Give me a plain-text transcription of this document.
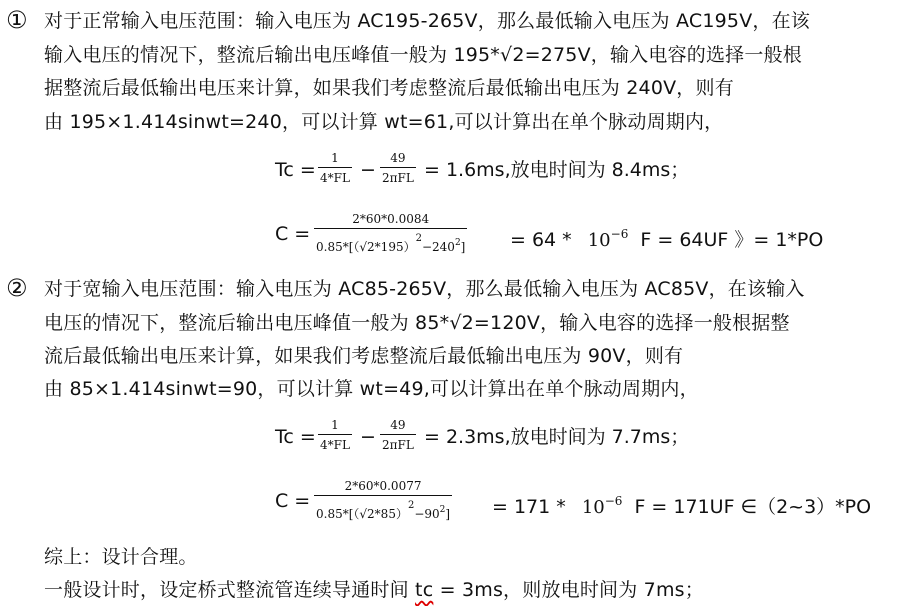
① 对于正常输入电压范围：输入电压为 AC195-265V，那么最低输入电压为 AC195V，在该
输入电压的情况下，整流后输出电压峰值一般为 195*√2=275V，输入电容的选择一般根
据整流后最低输出电压来计算，如果我们考虑整流后最低输出电压为 240V，则有
由 195×1.414sinwt=240，可以计算 wt=61,可以计算出在单个脉动周期内，
Tc =
1
4*FL −
49
2πFL = 1.6ms,放电时间为 8.4ms；
C =
2*60*0.0084
$0.85*[(√2*195)^2-240^2] = 64 * 10^{-6}$ F = 64UF 》= 1*PO
② 对于宽输入电压范围：输入电压为 AC85-265V，那么最低输入电压为 AC85V，在该输入
电压的情况下，整流后输出电压峰值一般为 85*√2=120V，输入电容的选择一般根据整
流后最低输出电压来计算，如果我们考虑整流后最低输出电压为 90V，则有
由 85×1.414sinwt=90，可以计算 wt=49,可以计算出在单个脉动周期内，
Tc =
1
4*FL −
49
2πFL = 2.3ms,放电时间为 7.7ms；
C =
2*60*0.0077
$0.85*[(√2*85)^2-90^2] = 171 * 10^{-6}$ F = 171UF ∈（2~3）*PO
综上：设计合理。
一般设计时，设定桥式整流管连续导通时间 tc = 3ms，则放电时间为 7ms；
